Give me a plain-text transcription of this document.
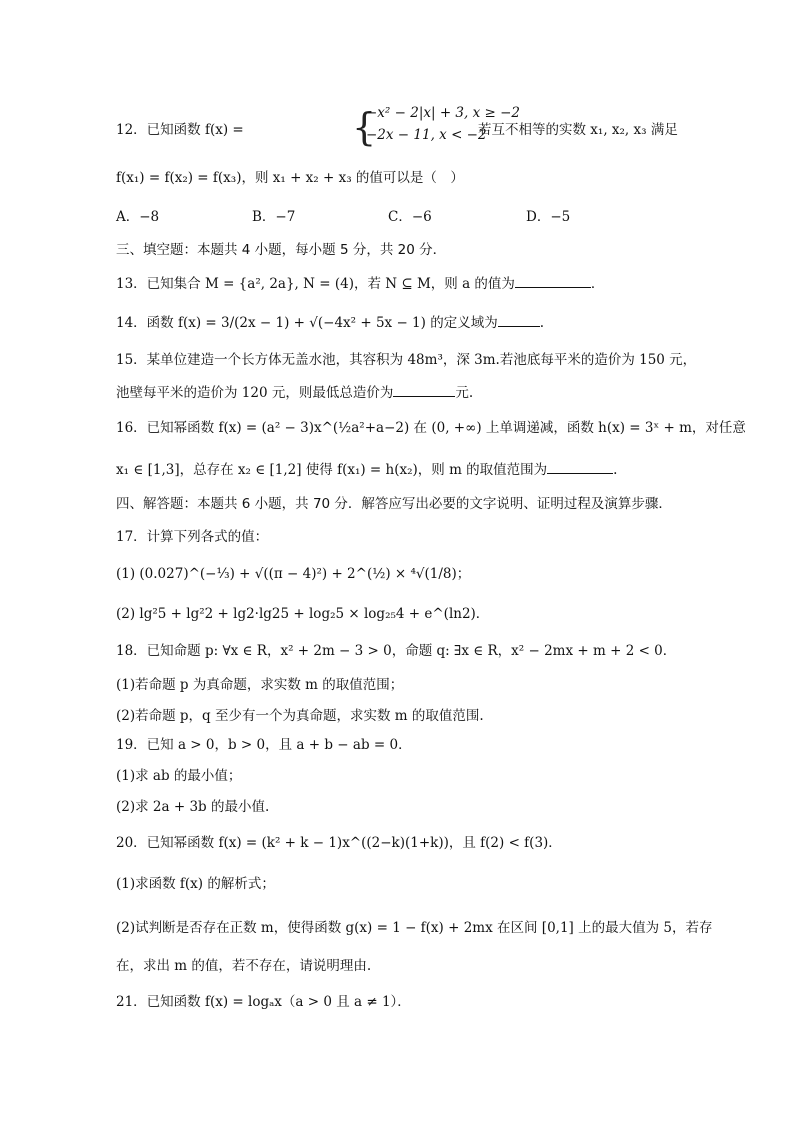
12．已知函数 f(x) =	{
−x² − 2|x| + 3, x ≥ −2
−2x − 11, x < −2
若互不相等的实数 x₁, x₂, x₃ 满足
f(x₁) = f(x₂) = f(x₃)，则 x₁ + x₂ + x₃ 的值可以是（　）
A．−8	B．−7	C．−6	D．−5
三、填空题：本题共 4 小题，每小题 5 分，共 20 分．
13．已知集合 M = {a², 2a}, N = (4)，若 N ⊆ M，则 a 的值为	．
14．函数 f(x) = 3/(2x − 1) + √(−4x² + 5x − 1) 的定义域为	.
15．某单位建造一个长方体无盖水池，其容积为 48m³，深 3m.若池底每平米的造价为 150 元，
池壁每平米的造价为 120 元，则最低总造价为	元.
16．已知幂函数 f(x) = (a² − 3)x^(½a²+a−2) 在 (0, +∞) 上单调递减，函数 h(x) = 3ˣ + m，对任意
x₁ ∈ [1,3]，总存在 x₂ ∈ [1,2] 使得 f(x₁) = h(x₂)，则 m 的取值范围为	.
四、解答题：本题共 6 小题，共 70 分．解答应写出必要的文字说明、证明过程及演算步骤．
17．计算下列各式的值：
(1) (0.027)^(−⅓) + √((π − 4)²) + 2^(½) × ⁴√(1/8)；
(2) lg²5 + lg²2 + lg2·lg25 + log₂5 × log₂₅4 + e^(ln2)．
18．已知命题 p: ∀x ∈ R，x² + 2m − 3 > 0，命题 q: ∃x ∈ R，x² − 2mx + m + 2 < 0．
(1)若命题 p 为真命题，求实数 m 的取值范围；
(2)若命题 p，q 至少有一个为真命题，求实数 m 的取值范围.
19．已知 a > 0，b > 0，且 a + b − ab = 0．
(1)求 ab 的最小值；
(2)求 2a + 3b 的最小值.
20．已知幂函数 f(x) = (k² + k − 1)x^((2−k)(1+k))，且 f(2) < f(3)．
(1)求函数 f(x) 的解析式；
(2)试判断是否存在正数 m，使得函数 g(x) = 1 − f(x) + 2mx 在区间 [0,1] 上的最大值为 5，若存
在，求出 m 的值，若不存在，请说明理由.
21．已知函数 f(x) = logₐx（a > 0 且 a ≠ 1）．
